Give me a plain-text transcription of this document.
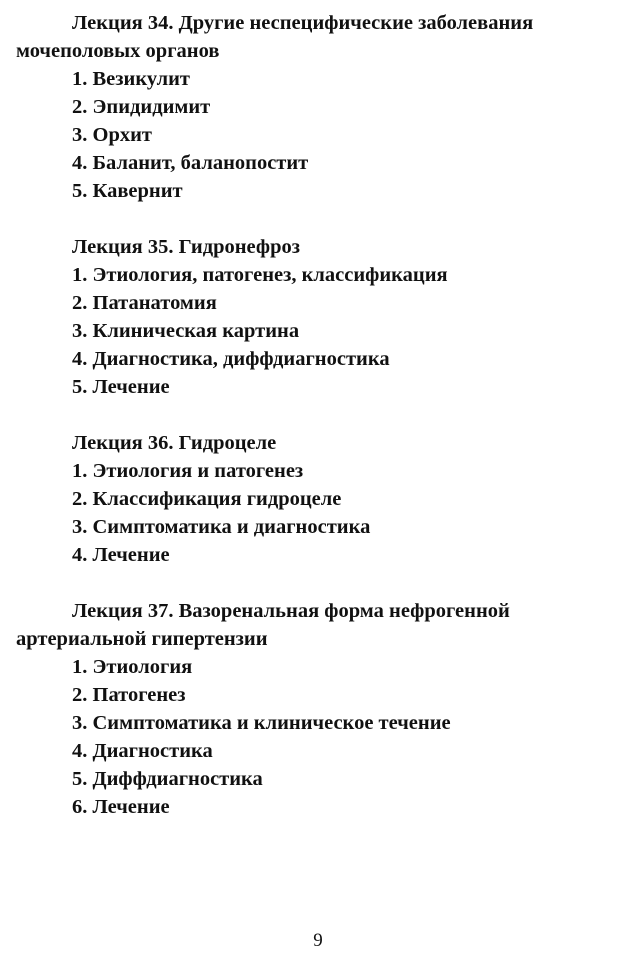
Лекция 34. Другие неспецифические заболевания мочеполовых органов

1. Везикулит
2. Эпидидимит
3. Орхит
4. Баланит, баланопостит
5. Кавернит

Лекция 35. Гидронефроз

1. Этиология, патогенез, классификация
2. Патанатомия
3. Клиническая картина
4. Диагностика, диффдиагностика
5. Лечение

Лекция 36. Гидроцеле

1. Этиология и патогенез
2. Классификация гидроцеле
3. Симптоматика и диагностика
4. Лечение

Лекция 37. Вазоренальная форма нефрогенной артериальной гипертензии

1. Этиология
2. Патогенез
3. Симптоматика и клиническое течение
4. Диагностика
5. Диффдиагностика
6. Лечение
9
